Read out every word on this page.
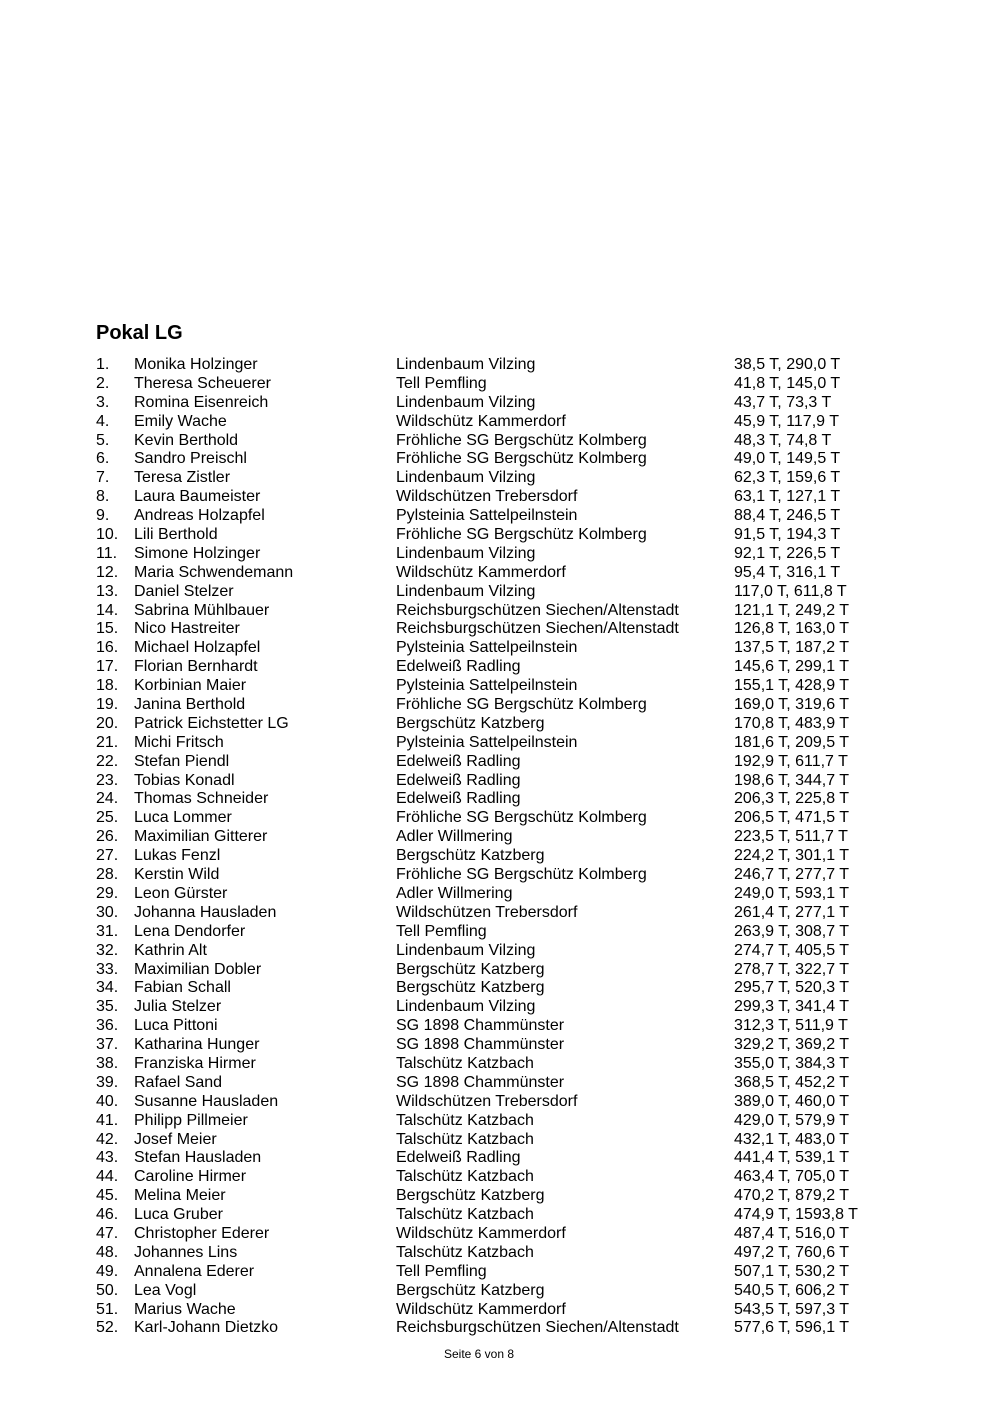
Pokal LG
1. Monika Holzinger	Lindenbaum Vilzing	38,5 T, 290,0 T
2. Theresa Scheuerer	Tell Pemfling	41,8 T, 145,0 T
3. Romina Eisenreich	Lindenbaum Vilzing	43,7 T, 73,3 T
4. Emily Wache	Wildschütz Kammerdorf	45,9 T, 117,9 T
5. Kevin Berthold	Fröhliche SG Bergschütz Kolmberg	48,3 T, 74,8 T
6. Sandro Preischl	Fröhliche SG Bergschütz Kolmberg	49,0 T, 149,5 T
7. Teresa Zistler	Lindenbaum Vilzing	62,3 T, 159,6 T
8. Laura Baumeister	Wildschützen Trebersdorf	63,1 T, 127,1 T
9. Andreas Holzapfel	Pylsteinia Sattelpeilnstein	88,4 T, 246,5 T
10. Lili Berthold	Fröhliche SG Bergschütz Kolmberg	91,5 T, 194,3 T
11. Simone Holzinger	Lindenbaum Vilzing	92,1 T, 226,5 T
12. Maria Schwendemann	Wildschütz Kammerdorf	95,4 T, 316,1 T
13. Daniel Stelzer	Lindenbaum Vilzing	117,0 T, 611,8 T
14. Sabrina Mühlbauer	Reichsburgschützen Siechen/Altenstadt	121,1 T, 249,2 T
15. Nico Hastreiter	Reichsburgschützen Siechen/Altenstadt	126,8 T, 163,0 T
16. Michael Holzapfel	Pylsteinia Sattelpeilnstein	137,5 T, 187,2 T
17. Florian Bernhardt	Edelweiß Radling	145,6 T, 299,1 T
18. Korbinian Maier	Pylsteinia Sattelpeilnstein	155,1 T, 428,9 T
19. Janina Berthold	Fröhliche SG Bergschütz Kolmberg	169,0 T, 319,6 T
20. Patrick Eichstetter LG	Bergschütz Katzberg	170,8 T, 483,9 T
21. Michi Fritsch	Pylsteinia Sattelpeilnstein	181,6 T, 209,5 T
22. Stefan Piendl	Edelweiß Radling	192,9 T, 611,7 T
23. Tobias Konadl	Edelweiß Radling	198,6 T, 344,7 T
24. Thomas Schneider	Edelweiß Radling	206,3 T, 225,8 T
25. Luca Lommer	Fröhliche SG Bergschütz Kolmberg	206,5 T, 471,5 T
26. Maximilian Gitterer	Adler Willmering	223,5 T, 511,7 T
27. Lukas Fenzl	Bergschütz Katzberg	224,2 T, 301,1 T
28. Kerstin Wild	Fröhliche SG Bergschütz Kolmberg	246,7 T, 277,7 T
29. Leon Gürster	Adler Willmering	249,0 T, 593,1 T
30. Johanna Hausladen	Wildschützen Trebersdorf	261,4 T, 277,1 T
31. Lena Dendorfer	Tell Pemfling	263,9 T, 308,7 T
32. Kathrin Alt	Lindenbaum Vilzing	274,7 T, 405,5 T
33. Maximilian Dobler	Bergschütz Katzberg	278,7 T, 322,7 T
34. Fabian Schall	Bergschütz Katzberg	295,7 T, 520,3 T
35. Julia Stelzer	Lindenbaum Vilzing	299,3 T, 341,4 T
36. Luca Pittoni	SG 1898 Chammünster	312,3 T, 511,9 T
37. Katharina Hunger	SG 1898 Chammünster	329,2 T, 369,2 T
38. Franziska Hirmer	Talschütz Katzbach	355,0 T, 384,3 T
39. Rafael Sand	SG 1898 Chammünster	368,5 T, 452,2 T
40. Susanne Hausladen	Wildschützen Trebersdorf	389,0 T, 460,0 T
41. Philipp Pillmeier	Talschütz Katzbach	429,0 T, 579,9 T
42. Josef Meier	Talschütz Katzbach	432,1 T, 483,0 T
43. Stefan Hausladen	Edelweiß Radling	441,4 T, 539,1 T
44. Caroline Hirmer	Talschütz Katzbach	463,4 T, 705,0 T
45. Melina Meier	Bergschütz Katzberg	470,2 T, 879,2 T
46. Luca Gruber	Talschütz Katzbach	474,9 T, 1593,8 T
47. Christopher Ederer	Wildschütz Kammerdorf	487,4 T, 516,0 T
48. Johannes Lins	Talschütz Katzbach	497,2 T, 760,6 T
49. Annalena Ederer	Tell Pemfling	507,1 T, 530,2 T
50. Lea Vogl	Bergschütz Katzberg	540,5 T, 606,2 T
51. Marius Wache	Wildschütz Kammerdorf	543,5 T, 597,3 T
52. Karl-Johann Dietzko	Reichsburgschützen Siechen/Altenstadt	577,6 T, 596,1 T
Seite 6 von 8
